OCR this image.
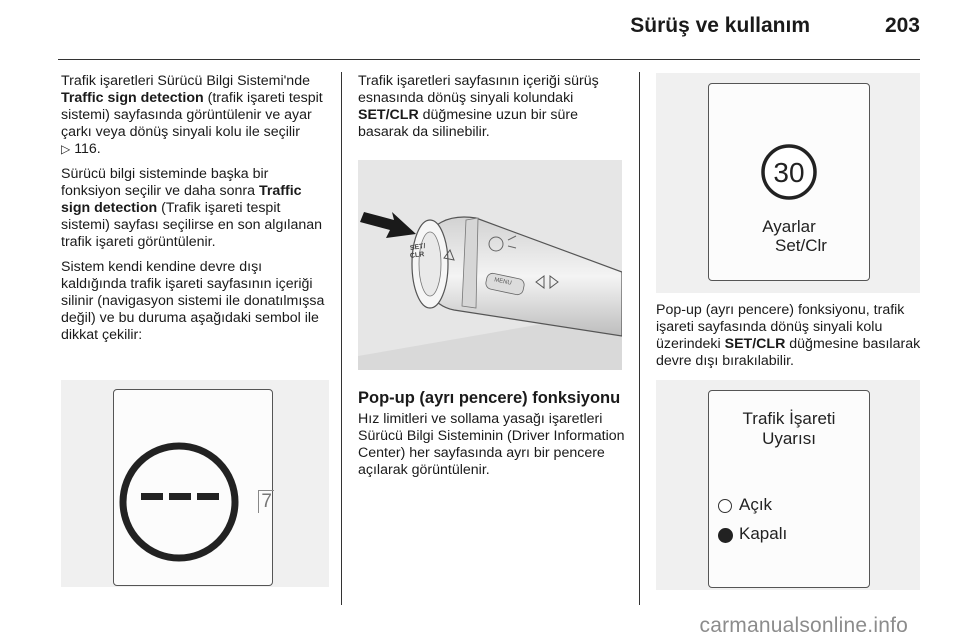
Sürüş ve kullanım	203

Trafik işaretleri Sürücü Bilgi Sistemi'nde Traffic sign detection (trafik işareti tespit sistemi) sayfasında görüntülenir ve ayar çarkı veya dönüş sinyali kolu ile seçilir
▷ 116.

Sürücü bilgi sisteminde başka bir fonksiyon seçilir ve daha sonra Traffic sign detection (Trafik işareti tespit sistemi) sayfası seçilirse en son algılanan trafik işareti görüntülenir.

Sistem kendi kendine devre dışı kaldığında trafik işareti sayfasının içeriği silinir (navigasyon sistemi ile donatılmışsa değil) ve bu duruma aşağıdaki sembol ile dikkat çekilir:

7

Trafik işaretleri sayfasının içeriği sürüş esnasında dönüş sinyali kolundaki SET/CLR düğmesine uzun bir süre basarak da silinebilir.

SET/
CLR
MENU
Pop-up (ayrı pencere) fonksiyonu

Hız limitleri ve sollama yasağı işaretleri Sürücü Bilgi Sisteminin (Driver Information Center) her sayfasında ayrı bir pencere açılarak görüntülenir.

30
Ayarlar
Set/Clr

Pop-up (ayrı pencere) fonksiyonu, trafik işareti sayfasında dönüş sinyali kolu üzerindeki SET/CLR düğmesine basılarak devre dışı bırakılabilir.

Trafik İşareti
Uyarısı
Açık
Kapalı
carmanualsonline.info
